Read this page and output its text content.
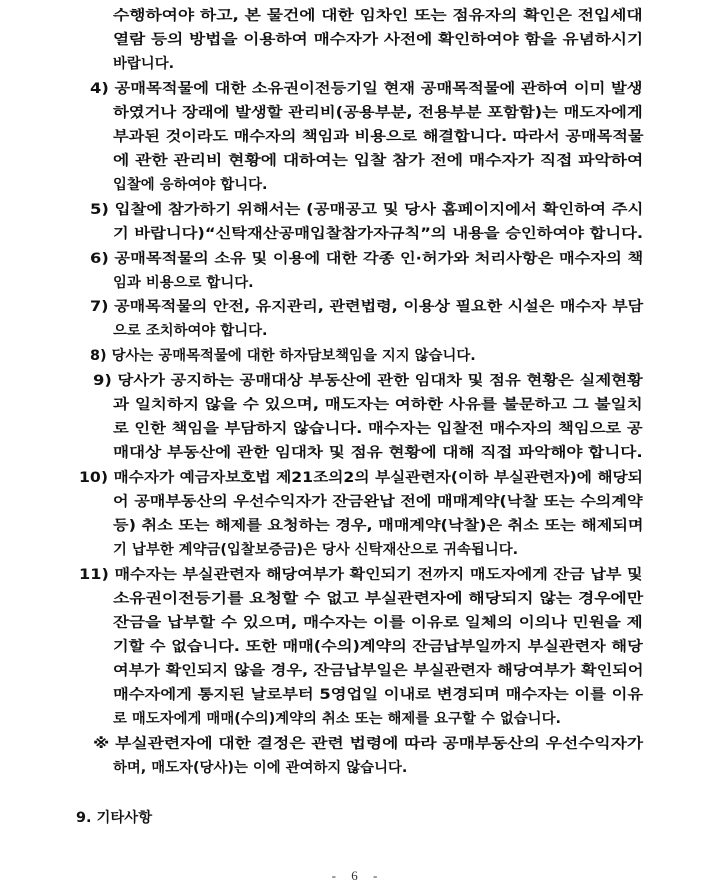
수행하여야 하고, 본 물건에 대한 임차인 또는 점유자의 확인은 전입세대
열람 등의 방법을 이용하여 매수자가 사전에 확인하여야 함을 유념하시기
바랍니다.
4) 공매목적물에 대한 소유권이전등기일 현재 공매목적물에 관하여 이미 발생
하였거나 장래에 발생할 관리비(공용부분, 전용부분 포함함)는 매도자에게
부과된 것이라도 매수자의 책임과 비용으로 해결합니다. 따라서 공매목적물
에 관한 관리비 현황에 대하여는 입찰 참가 전에 매수자가 직접 파악하여
입찰에 응하여야 합니다.
5) 입찰에 참가하기 위해서는 (공매공고 및 당사 홈페이지에서 확인하여 주시
기 바랍니다)“신탁재산공매입찰참가자규칙”의 내용을 승인하여야 합니다.
6) 공매목적물의 소유 및 이용에 대한 각종 인·허가와 처리사항은 매수자의 책
임과 비용으로 합니다.
7) 공매목적물의 안전, 유지관리, 관련법령, 이용상 필요한 시설은 매수자 부담
으로 조치하여야 합니다.
8) 당사는 공매목적물에 대한 하자담보책임을 지지 않습니다.
9) 당사가 공지하는 공매대상 부동산에 관한 임대차 및 점유 현황은 실제현황
과 일치하지 않을 수 있으며, 매도자는 여하한 사유를 불문하고 그 불일치
로 인한 책임을 부담하지 않습니다. 매수자는 입찰전 매수자의 책임으로 공
매대상 부동산에 관한 임대차 및 점유 현황에 대해 직접 파악해야 합니다.
10) 매수자가 예금자보호법 제21조의2의 부실관련자(이하 부실관련자)에 해당되
어 공매부동산의 우선수익자가 잔금완납 전에 매매계약(낙찰 또는 수의계약
등) 취소 또는 해제를 요청하는 경우, 매매계약(낙찰)은 취소 또는 해제되며
기 납부한 계약금(입찰보증금)은 당사 신탁재산으로 귀속됩니다.
11) 매수자는 부실관련자 해당여부가 확인되기 전까지 매도자에게 잔금 납부 및
소유권이전등기를 요청할 수 없고 부실관련자에 해당되지 않는 경우에만
잔금을 납부할 수 있으며, 매수자는 이를 이유로 일체의 이의나 민원을 제
기할 수 없습니다. 또한 매매(수의)계약의 잔금납부일까지 부실관련자 해당
여부가 확인되지 않을 경우, 잔금납부일은 부실관련자 해당여부가 확인되어
매수자에게 통지된 날로부터 5영업일 이내로 변경되며 매수자는 이를 이유
로 매도자에게 매매(수의)계약의 취소 또는 해제를 요구할 수 없습니다.
※ 부실관련자에 대한 결정은 관련 법령에 따라 공매부동산의 우선수익자가
하며, 매도자(당사)는 이에 관여하지 않습니다.
9. 기타사항
- 6 -
